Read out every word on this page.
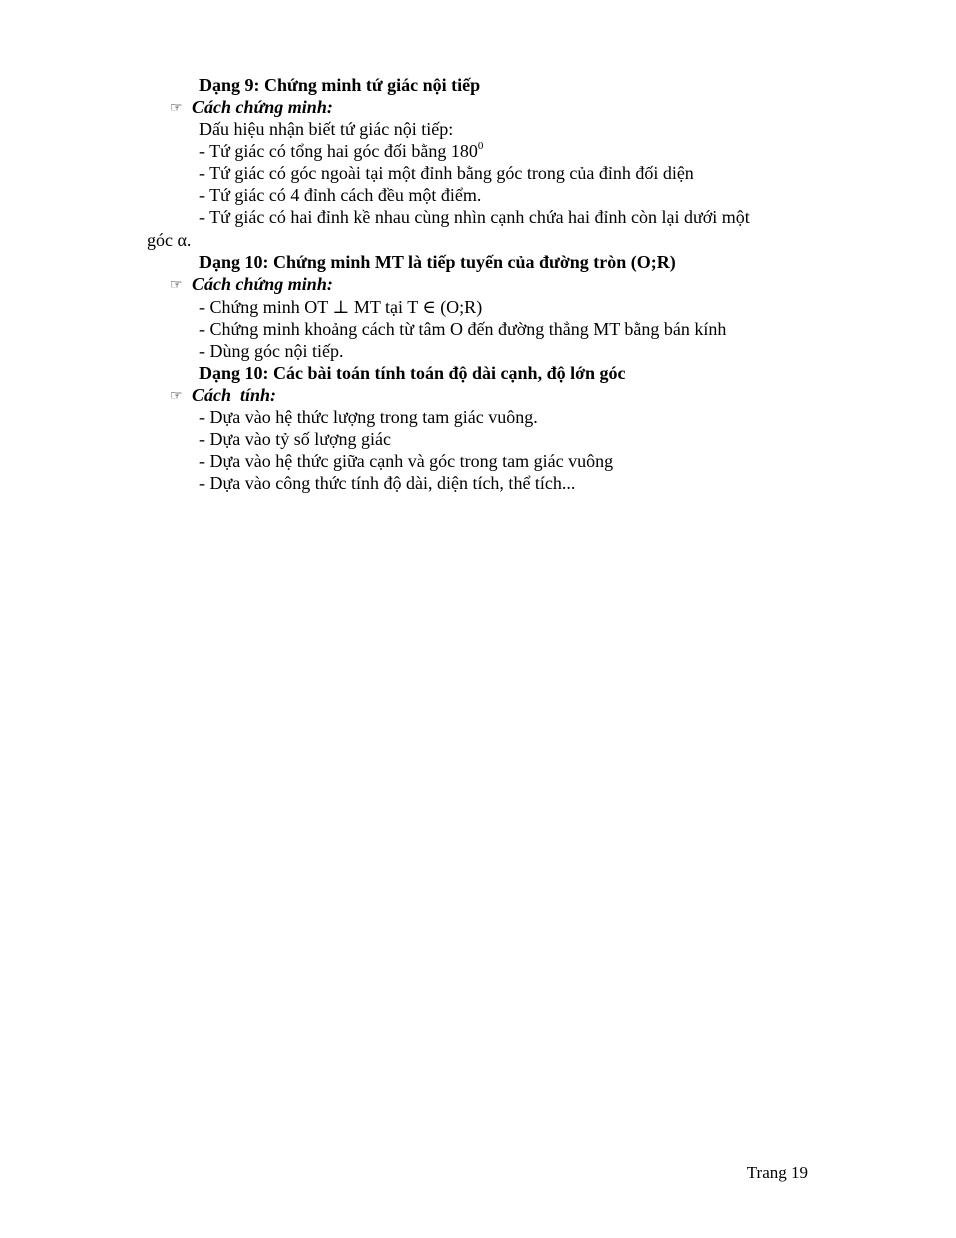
Dạng 9: Chứng minh tứ giác nội tiếp
☞ Cách chứng minh:
Dấu hiệu nhận biết tứ giác nội tiếp:
- Tứ giác có tổng hai góc đối bằng $180^0$
- Tứ giác có góc ngoài tại một đỉnh bằng góc trong của đỉnh đối diện
- Tứ giác có 4 đỉnh cách đều một điểm.
- Tứ giác có hai đỉnh kề nhau cùng nhìn cạnh chứa hai đỉnh còn lại dưới một
góc α.
Dạng 10: Chứng minh MT là tiếp tuyến của đường tròn (O;R)
☞ Cách chứng minh:
- Chứng minh OT ⊥ MT tại T ∈ (O;R)
- Chứng minh khoảng cách từ tâm O đến đường thẳng MT bằng bán kính
- Dùng góc nội tiếp.
Dạng 10: Các bài toán tính toán độ dài cạnh, độ lớn góc
☞ Cách  tính:
- Dựa vào hệ thức lượng trong tam giác vuông.
- Dựa vào tỷ số lượng giác
- Dựa vào hệ thức giữa cạnh và góc trong tam giác vuông
- Dựa vào công thức tính độ dài, diện tích, thể tích...
Trang 19
